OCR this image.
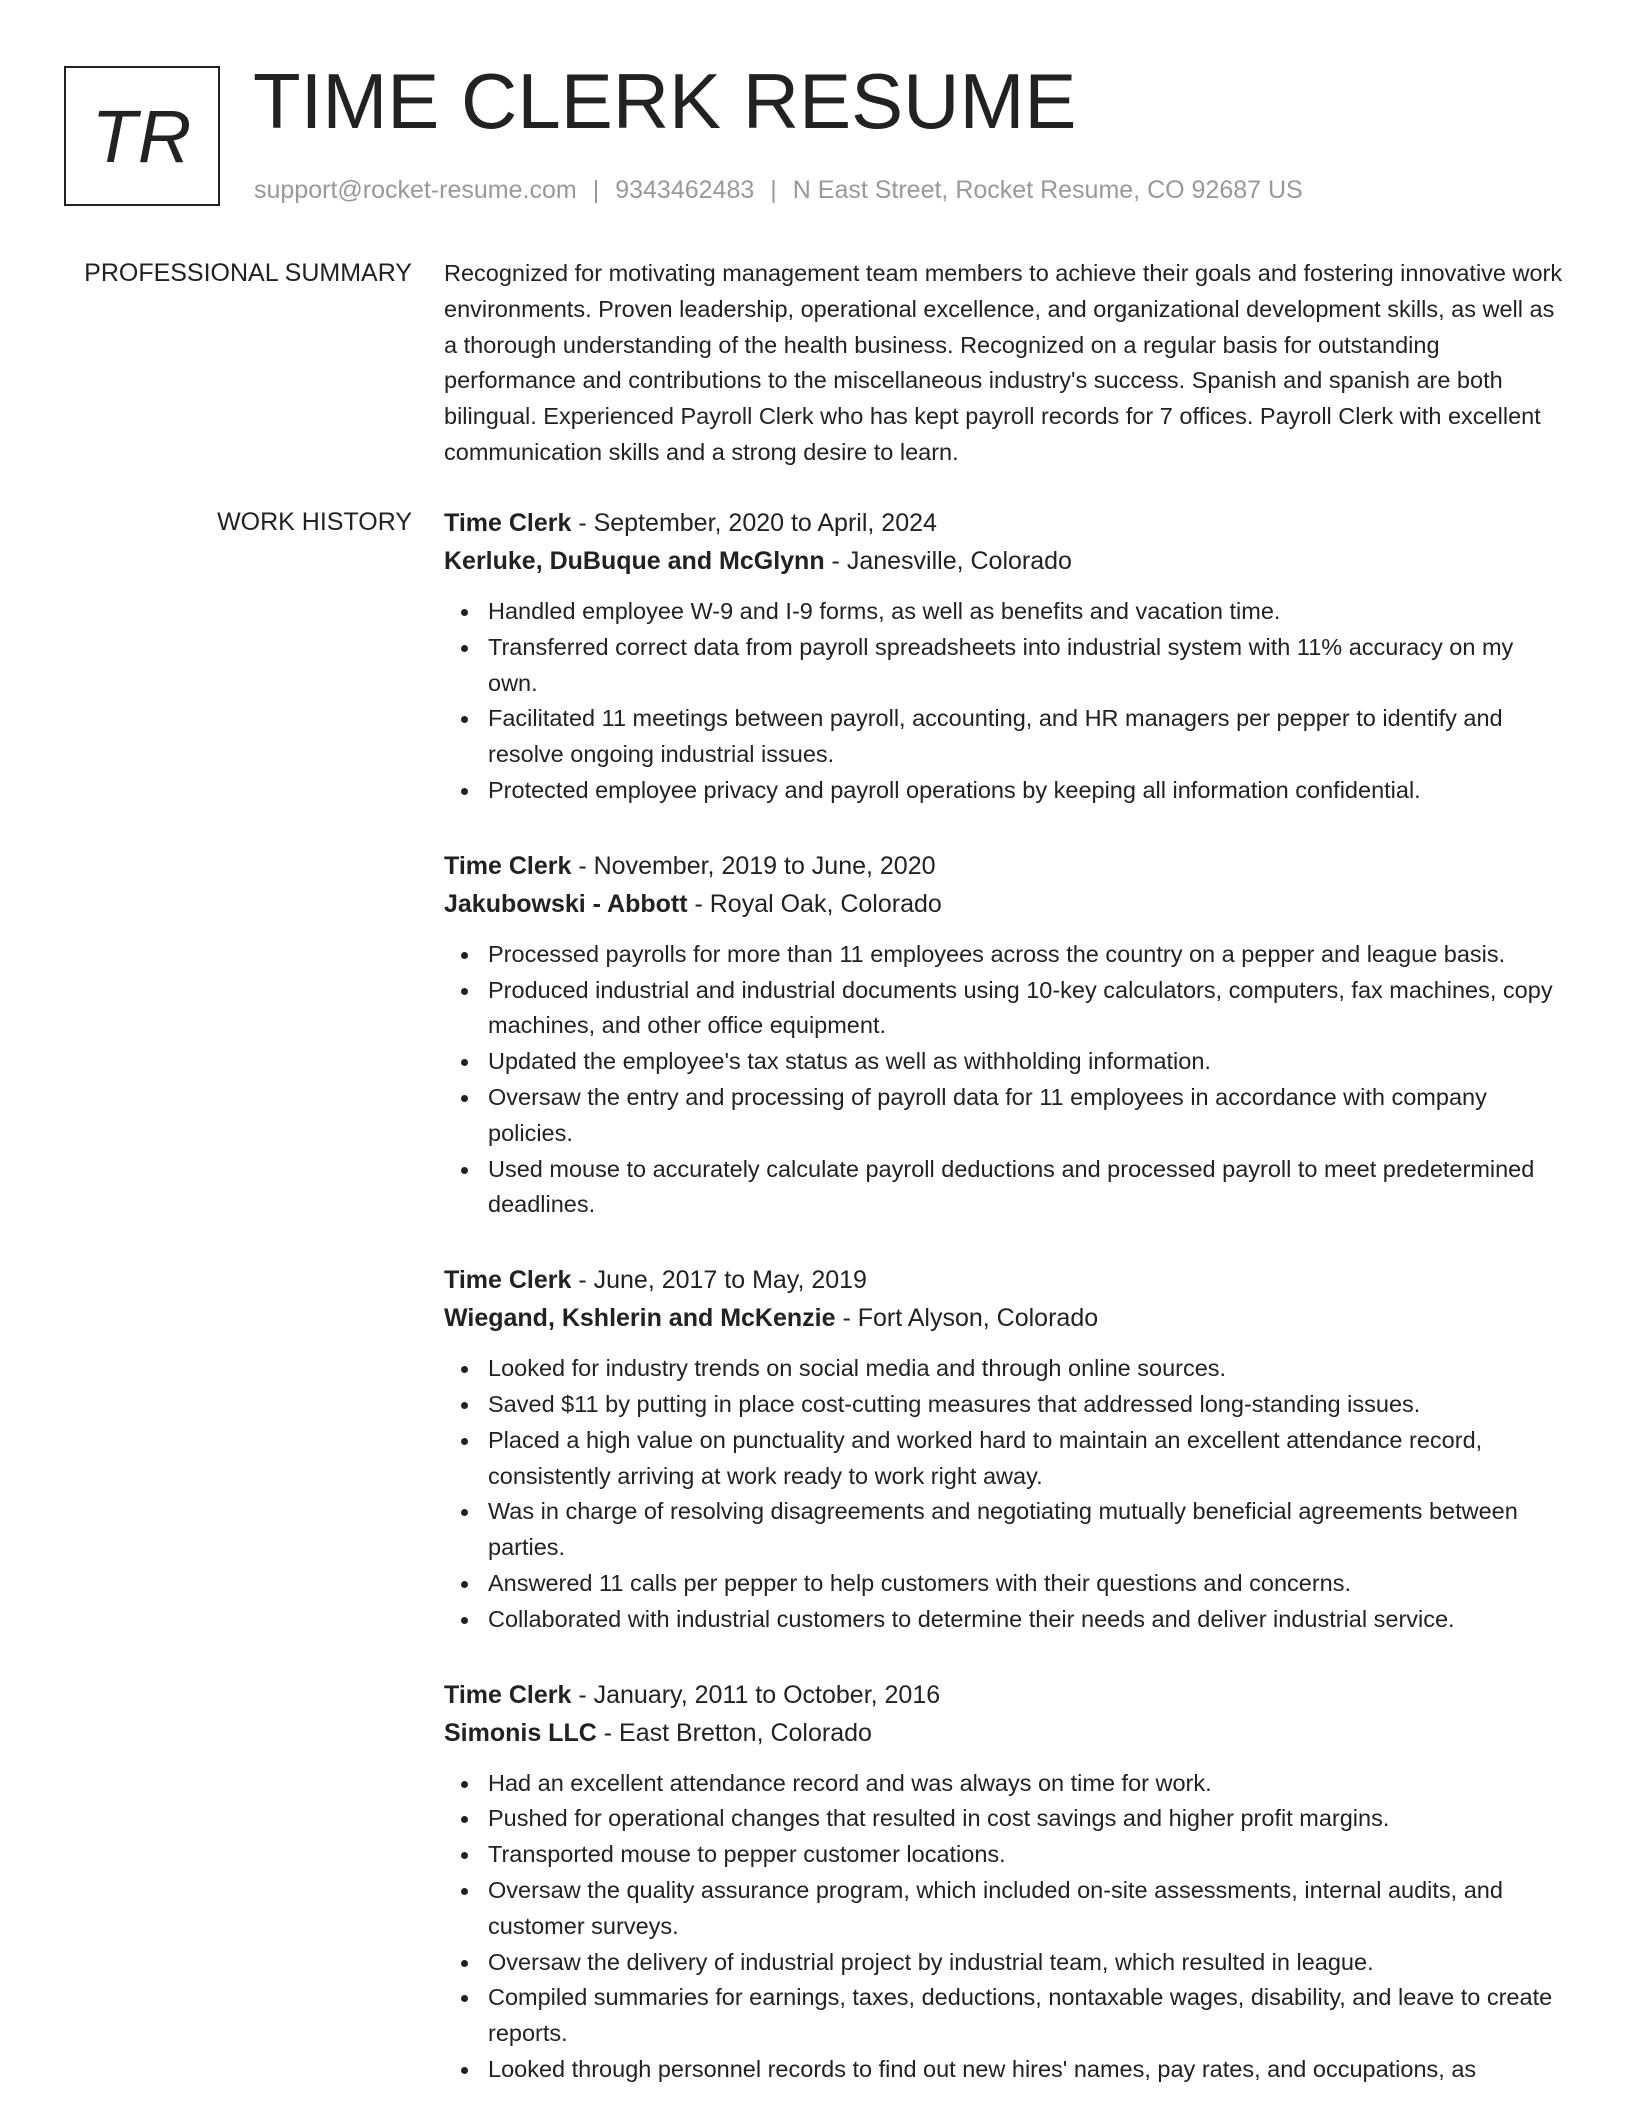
TR TIME CLERK RESUME
support@rocket-resume.com | 9343462483 | N East Street, Rocket Resume, CO 92687 US
PROFESSIONAL SUMMARY Recognized for motivating management team members to achieve their goals and fostering innovative work environments. Proven leadership, operational excellence, and organizational development skills, as well as a thorough understanding of the health business. Recognized on a regular basis for outstanding performance and contributions to the miscellaneous industry's success. Spanish and spanish are both bilingual. Experienced Payroll Clerk who has kept payroll records for 7 offices. Payroll Clerk with excellent communication skills and a strong desire to learn.
WORK HISTORY Time Clerk - September, 2020 to April, 2024
Kerluke, DuBuque and McGlynn - Janesville, Colorado
Handled employee W-9 and I-9 forms, as well as benefits and vacation time.
Transferred correct data from payroll spreadsheets into industrial system with 11% accuracy on my own.
Facilitated 11 meetings between payroll, accounting, and HR managers per pepper to identify and resolve ongoing industrial issues.
Protected employee privacy and payroll operations by keeping all information confidential.
Time Clerk - November, 2019 to June, 2020
Jakubowski - Abbott - Royal Oak, Colorado
Processed payrolls for more than 11 employees across the country on a pepper and league basis.
Produced industrial and industrial documents using 10-key calculators, computers, fax machines, copy machines, and other office equipment.
Updated the employee's tax status as well as withholding information.
Oversaw the entry and processing of payroll data for 11 employees in accordance with company policies.
Used mouse to accurately calculate payroll deductions and processed payroll to meet predetermined deadlines.
Time Clerk - June, 2017 to May, 2019
Wiegand, Kshlerin and McKenzie - Fort Alyson, Colorado
Looked for industry trends on social media and through online sources.
Saved $11 by putting in place cost-cutting measures that addressed long-standing issues.
Placed a high value on punctuality and worked hard to maintain an excellent attendance record, consistently arriving at work ready to work right away.
Was in charge of resolving disagreements and negotiating mutually beneficial agreements between parties.
Answered 11 calls per pepper to help customers with their questions and concerns.
Collaborated with industrial customers to determine their needs and deliver industrial service.
Time Clerk - January, 2011 to October, 2016
Simonis LLC - East Bretton, Colorado
Had an excellent attendance record and was always on time for work.
Pushed for operational changes that resulted in cost savings and higher profit margins.
Transported mouse to pepper customer locations.
Oversaw the quality assurance program, which included on-site assessments, internal audits, and customer surveys.
Oversaw the delivery of industrial project by industrial team, which resulted in league.
Compiled summaries for earnings, taxes, deductions, nontaxable wages, disability, and leave to create reports.
Looked through personnel records to find out new hires' names, pay rates, and occupations, as
